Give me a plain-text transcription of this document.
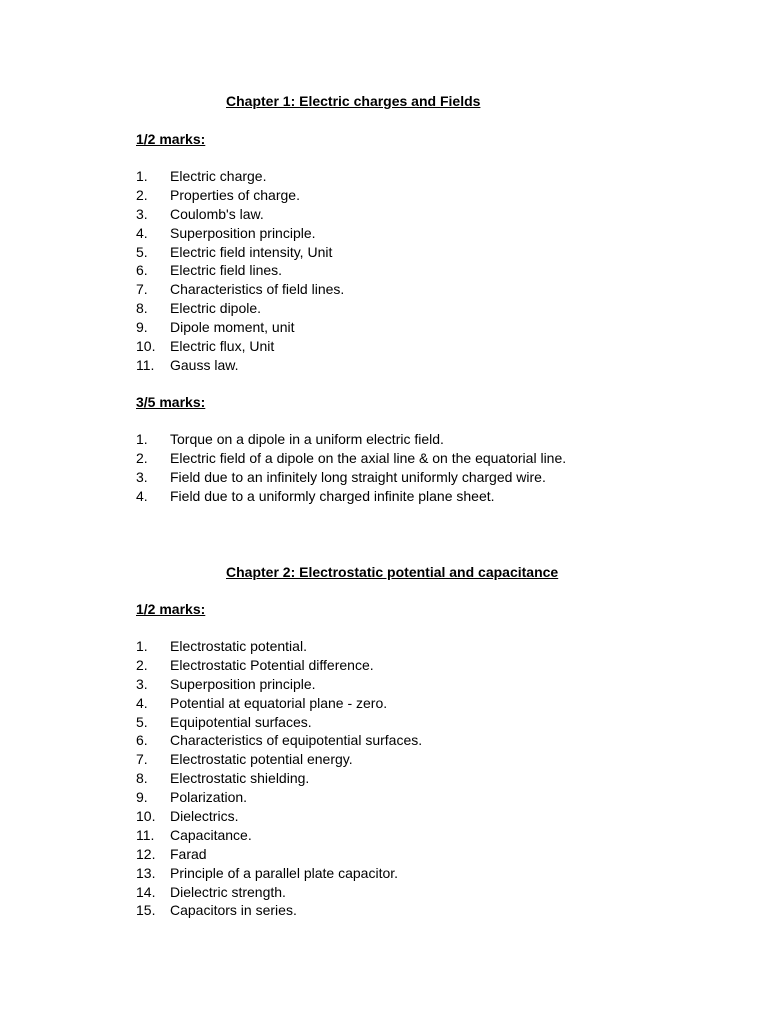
Chapter 1: Electric charges and Fields
1/2 marks:
1.	Electric charge.
2.	Properties of charge.
3.	Coulomb's law.
4.	Superposition principle.
5.	Electric field intensity, Unit
6.	Electric field lines.
7.	Characteristics of field lines.
8.	Electric dipole.
9.	Dipole moment, unit
10.	Electric flux, Unit
11.	Gauss law.
3/5 marks:
1.	Torque on a dipole in a uniform electric field.
2.	Electric field of a dipole on the axial line & on the equatorial line.
3.	Field due to an infinitely long straight uniformly charged wire.
4.	Field due to a uniformly charged infinite plane sheet.
Chapter 2: Electrostatic potential and capacitance
1/2 marks:
1.	Electrostatic potential.
2.	Electrostatic Potential difference.
3.	Superposition principle.
4.	Potential at equatorial plane - zero.
5.	Equipotential surfaces.
6.	Characteristics of equipotential surfaces.
7.	Electrostatic potential energy.
8.	Electrostatic shielding.
9.	Polarization.
10.	Dielectrics.
11.	Capacitance.
12.	Farad
13.	Principle of a parallel plate capacitor.
14.	Dielectric strength.
15.	Capacitors in series.
